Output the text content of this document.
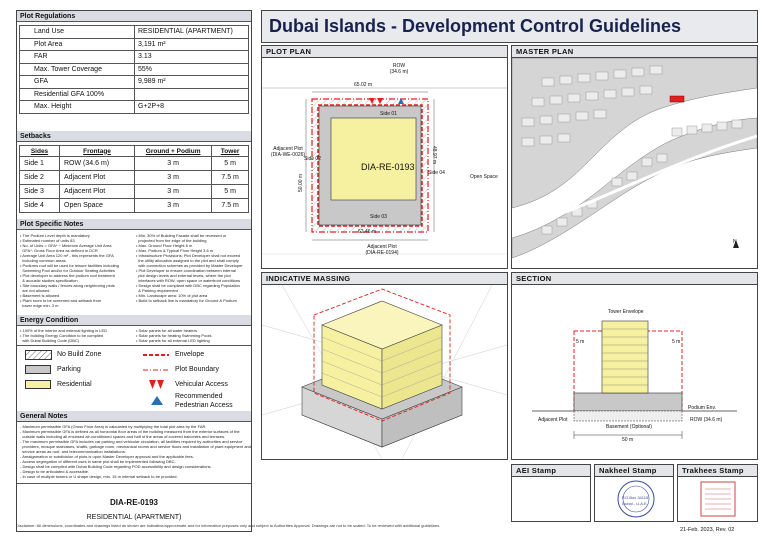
Plot Regulations
Land Use	RESIDENTIAL (APARTMENT)
Plot Area	3,191 m²
FAR	3.13
Max. Tower Coverage	55%
GFA	9,989 m²
Residential GFA 100%	
Max. Height	G+2P+8
Setbacks
Sides	Frontage	Ground + Podium	Tower
Side 1	ROW (34.6 m)	3 m	5 m
Side 2	Adjacent Plot	3 m	7.5 m
Side 3	Adjacent Plot	3 m	5 m
Side 4	Open Space	3 m	7.5 m
Plot Specific Notes
• The Podium Level depth is mandatory
• Estimated number of units 83
• No. of Units = GFA* ÷ Minimum Average Unit Area
GFA*: Gross Floor Area as defined in DCR
• Average Unit Area 120 m² - this represents the GFA
including common areas
• Podiums roof will be used for leisure facilities including
Swimming Pool and/or for Outdoor Seating Activities
• Plot developer to address the podium roof treatment
& acoustic studies specification
• Site boundary walls / fences along neighboring plots
are not allowed
• Basement is allowed
• Plant room to be screened and setback from
tower edge min. 3 m
• Min. 30% of Building Facade shall be recessed or
projected from the edge of the building
• Max. Ground Floor Height 6 m
• Max. Podium & Typical Floor Height 3.6 m
• Infrastructure Provisions: Plot Developer shall not exceed
the utility allocation assigned to the plot and shall comply
with connection schemes as provided by Master Developer
• Plot Developer to ensure coordination between internal
plot design levels and external levels, where the plot
interfaces with ROW, open space or waterfront conditions
• Design shall be compliant with DBC regarding Population
& Parking requirement
• Min. Landscape area: 10% of plot area
• Build to setback line is mandatory for Ground & Podium
Energy Condition
• 100% of the interior and external lighting is LED
• The building Energy Condition to be complied
with Dubai Building Code (DBC)
• Solar panels for all water heaters
• Solar panels for heating Swimming Pools
• Solar panels for all external LED lighting
No Build Zone
Parking
Residential
Envelope
Plot Boundary
Vehicular Access
Recommended Pedestrian Access
General Notes
- Maximum permissible GFA (Gross Floor Area) is calculated by multiplying the total plot area by the FAR.
- Maximum permissible GFA is defined as all horizontal floor areas of the building measured from the exterior surfaces of the
outside walls including all enclosed air-conditioned spaces and half of the areas of covered balconies and terraces.
- The maximum permissible GFA includes car parking and vehicular circulation, all facilities required by authorities and service
providers, mosque staircases, shafts, garbage room, mechanical rooms and service floors and installation of plant equipment and
service areas as roof, and telecommunication installations.
- Amalgamation or subdivision of plots is upon Master Developer approval and the applicable fees.
- Access segregation of different uses in same plot shall be implemented following DBC.
- Design shall be complied with Dubai Building Code regarding POD accessibility and design considerations.
- Design to be articulated & accessible.
- In case of multiple towers or U shape design, min. 15 m internal setback to be provided.
DIA-RE-0193
RESIDENTIAL (APARTMENT)
Dubai Islands - Development Control Guidelines
PLOT PLAN
ROW
(34.6 m)
65.02 m
Side 01
Side 02
Side 03
Side 04
48.97 m
50.00 m
62.46 m
DIA-RE-0193
Adjacent Plot
(DIA-WE-0026)
Adjacent Plot
(DIA-RE-0194)
Open Space
MASTER PLAN
N
INDICATIVE MASSING	SECTION
Tower Envelope
5 m	5 m
Podium Env.
Basement (Optional)
Adjacent Plot	ROW (34.6 m)
50 m
AEI Stamp	Nakheel Stamp
P.O.Box 34115
Dubai - U.A.E.
Trakhees Stamp
Disclaimer: All dimensions, coordinates and drawings listed as shown are indicative/approximate and for information purposes only and subject to Authorities Approval. Drawings are not to be scaled. To be reviewed with additional guidelines.
21-Feb. 2023, Rev. 02
